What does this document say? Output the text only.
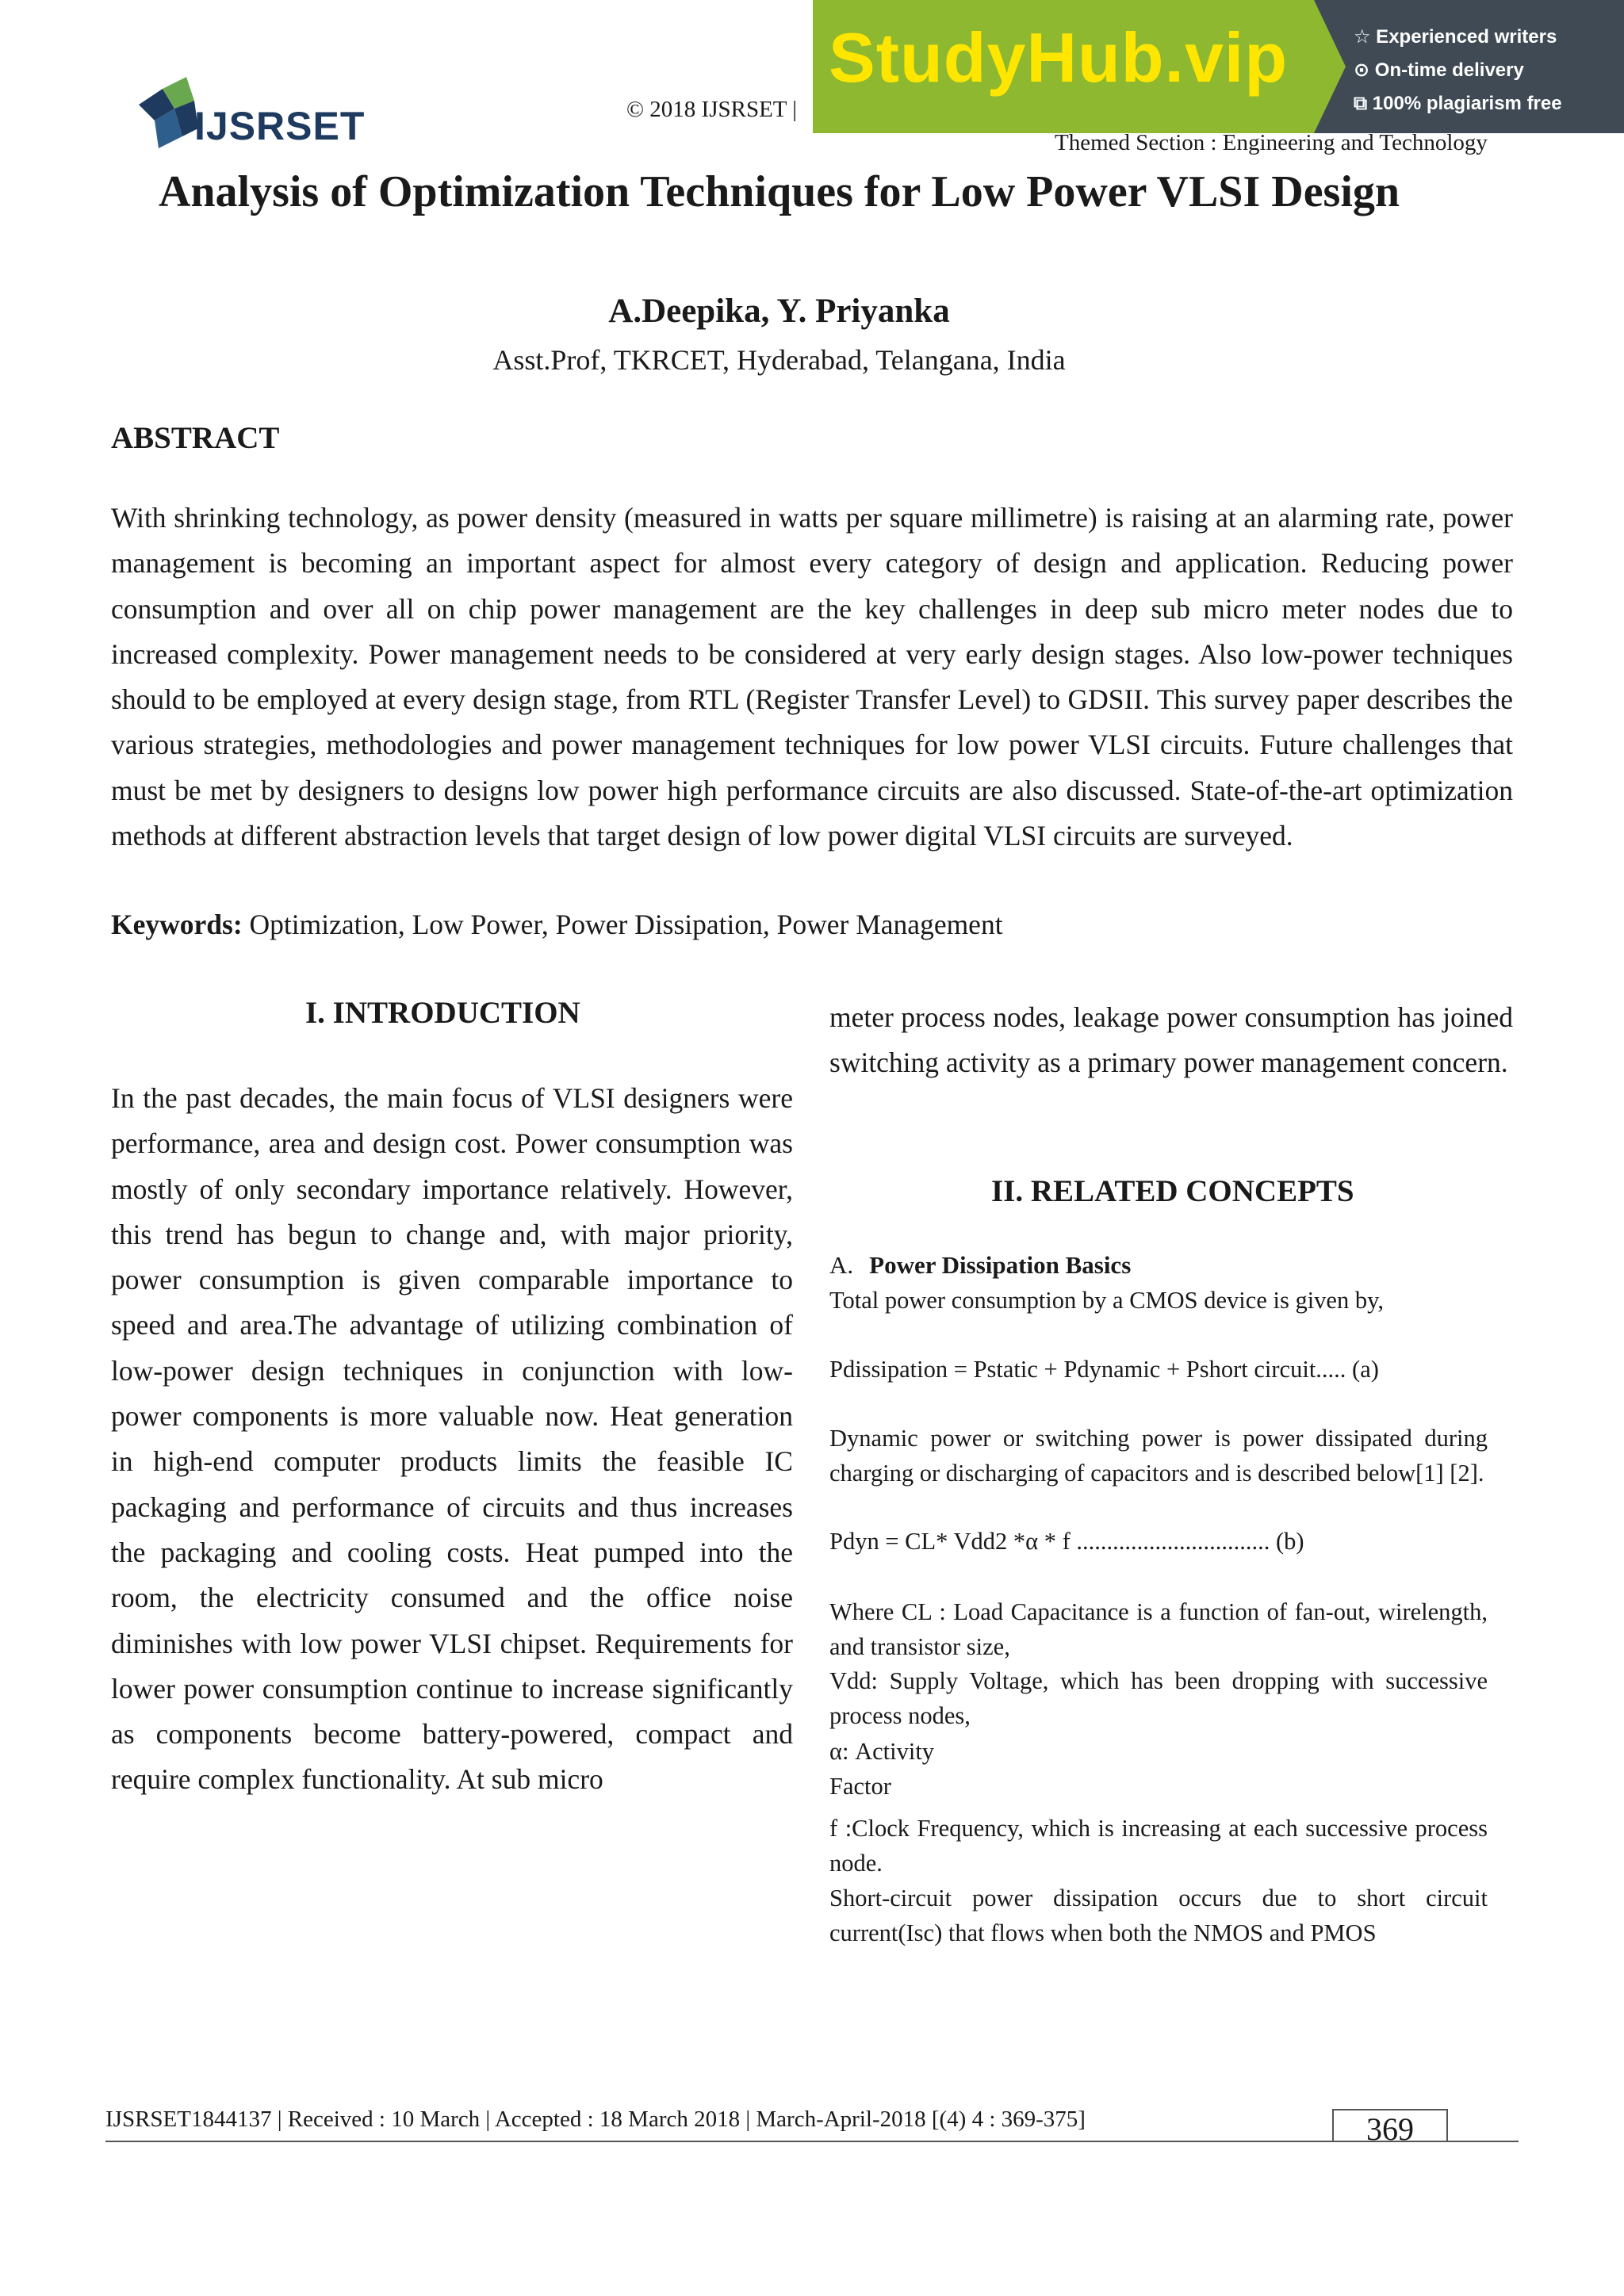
IJSRSET	© 2018 IJSRSET |
StudyHub.vip	☆ Experienced writers
⊙ On-time delivery
⧉ 100% plagiarism free
Themed Section : Engineering and Technology
Analysis of Optimization Techniques for Low Power VLSI Design
A.Deepika, Y. Priyanka
Asst.Prof, TKRCET, Hyderabad, Telangana, India
ABSTRACT
With shrinking technology, as power density (measured in watts per square millimetre) is raising at an alarming rate, power management is becoming an important aspect for almost every category of design and application. Reducing power consumption and over all on chip power management are the key challenges in deep sub micro meter nodes due to increased complexity. Power management needs to be considered at very early design stages. Also low-power techniques should to be employed at every design stage, from RTL (Register Transfer Level) to GDSII. This survey paper describes the various strategies, methodologies and power management techniques for low power VLSI circuits. Future challenges that must be met by designers to designs low power high performance circuits are also discussed. State-of-the-art optimization methods at different abstraction levels that target design of low power digital VLSI circuits are surveyed.
Keywords: Optimization, Low Power, Power Dissipation, Power Management
I. INTRODUCTION
In the past decades, the main focus of VLSI designers were performance, area and design cost. Power consumption was mostly of only secondary importance relatively. However, this trend has begun to change and, with major priority, power consumption is given comparable importance to speed and area.The advantage of utilizing combination of low-power design techniques in conjunction with low-power components is more valuable now. Heat generation in high-end computer products limits the feasible IC packaging and performance of circuits and thus increases the packaging and cooling costs. Heat pumped into the room, the electricity consumed and the office noise diminishes with low power VLSI chipset. Requirements for lower power consumption continue to increase significantly as components become battery-powered, compact and require complex functionality. At sub micro
meter process nodes, leakage power consumption has joined switching activity as a primary power management concern.
II. RELATED CONCEPTS
A. Power Dissipation Basics
Total power consumption by a CMOS device is given by,
Pdissipation = Pstatic + Pdynamic + Pshort circuit..... (a)
Dynamic power or switching power is power dissipated during charging or discharging of capacitors and is described below[1] [2].
Pdyn = CL* Vdd2 *α * f ................................ (b)
Where CL : Load Capacitance is a function of fan-out, wirelength, and transistor size,
Vdd: Supply Voltage, which has been dropping with successive process nodes,
α: Activity
Factor
f :Clock Frequency, which is increasing at each successive process node.
Short-circuit power dissipation occurs due to short circuit current(Isc) that flows when both the NMOS and PMOS
IJSRSET1844137 | Received : 10 March | Accepted : 18 March 2018 | March-April-2018 [(4) 4 : 369-375]	369
